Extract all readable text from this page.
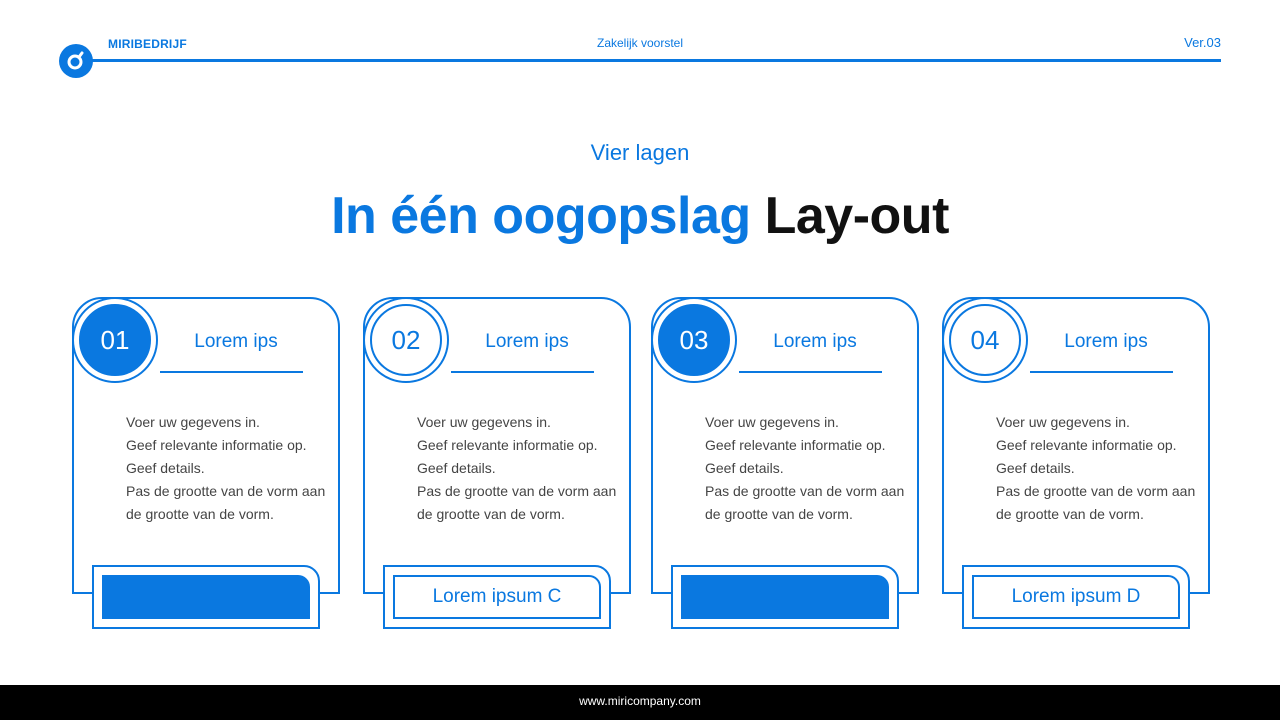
MIRIBEDRIJF	Zakelijk voorstel	Ver.03
Vier lagen
In één oogopslag Lay-out
01	Lorem ips
Voer uw gegevens in.
Geef relevante informatie op.
Geef details.
Pas de grootte van de vorm aan
de grootte van de vorm.
02	Lorem ips
Voer uw gegevens in.
Geef relevante informatie op.
Geef details.
Pas de grootte van de vorm aan
de grootte van de vorm.
Lorem ipsum C
03	Lorem ips
Voer uw gegevens in.
Geef relevante informatie op.
Geef details.
Pas de grootte van de vorm aan
de grootte van de vorm.
04	Lorem ips
Voer uw gegevens in.
Geef relevante informatie op.
Geef details.
Pas de grootte van de vorm aan
de grootte van de vorm.
Lorem ipsum D
www.miricompany.com
